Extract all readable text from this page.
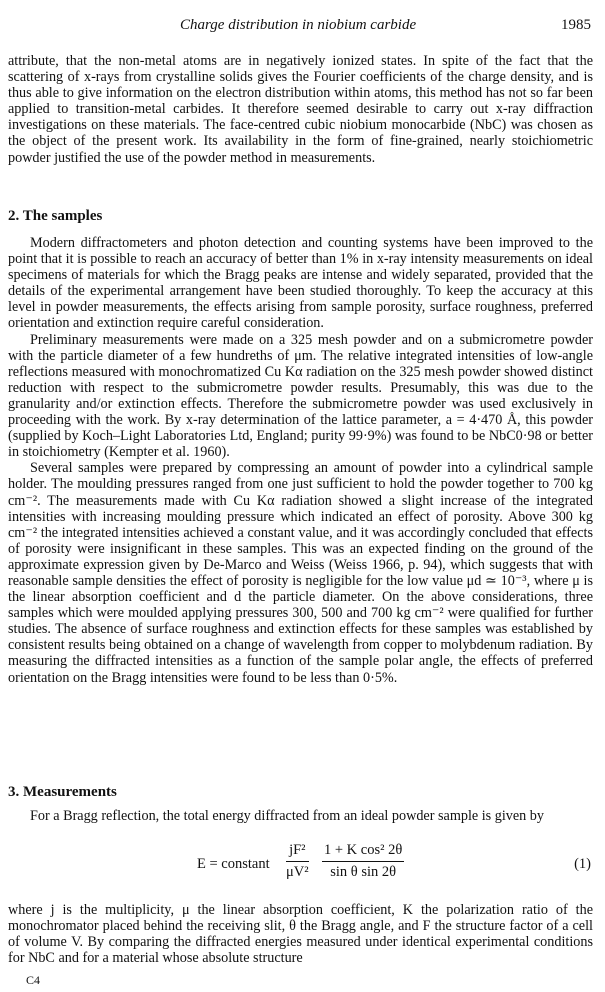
Charge distribution in niobium carbide	1985

attribute, that the non-metal atoms are in negatively ionized states. In spite of the fact that the scattering of x-rays from crystalline solids gives the Fourier coefficients of the charge density, and is thus able to give information on the electron distribution within atoms, this method has not so far been applied to transition-metal carbides. It therefore seemed desirable to carry out x-ray diffraction investigations on these materials. The face-centred cubic niobium monocarbide (NbC) was chosen as the object of the present work. Its availability in the form of fine-grained, nearly stoichiometric powder justified the use of the powder method in measurements.

2. The samples

Modern diffractometers and photon detection and counting systems have been improved to the point that it is possible to reach an accuracy of better than 1% in x-ray intensity measurements on ideal specimens of materials for which the Bragg peaks are intense and widely separated, provided that the details of the experimental arrangement have been studied thoroughly. To keep the accuracy at this level in powder measurements, the effects arising from sample porosity, surface roughness, preferred orientation and extinction require careful consideration.

Preliminary measurements were made on a 325 mesh powder and on a submicrometre powder with the particle diameter of a few hundreths of μm. The relative integrated intensities of low-angle reflections measured with monochromatized Cu Kα radiation on the 325 mesh powder showed distinct reduction with respect to the submicrometre powder results. Presumably, this was due to the granularity and/or extinction effects. Therefore the submicrometre powder was used exclusively in proceeding with the work. By x-ray determination of the lattice parameter, a = 4·470 Å, this powder (supplied by Koch–Light Laboratories Ltd, England; purity 99·9%) was found to be NbC0·98 or better in stoichiometry (Kempter et al. 1960).

Several samples were prepared by compressing an amount of powder into a cylindrical sample holder. The moulding pressures ranged from one just sufficient to hold the powder together to 700 kg cm⁻². The measurements made with Cu Kα radiation showed a slight increase of the integrated intensities with increasing moulding pressure which indicated an effect of porosity. Above 300 kg cm⁻² the integrated intensities achieved a constant value, and it was accordingly concluded that effects of porosity were insignificant in these samples. This was an expected finding on the ground of the approximate expression given by De-Marco and Weiss (Weiss 1966, p. 94), which suggests that with reasonable sample densities the effect of porosity is negligible for the low value μd ≃ 10⁻³, where μ is the linear absorption coefficient and d the particle diameter. On the above considerations, three samples which were moulded applying pressures 300, 500 and 700 kg cm⁻² were qualified for further studies. The absence of surface roughness and extinction effects for these samples was established by consistent results being obtained on a change of wavelength from copper to molybdenum radiation. By measuring the diffracted intensities as a function of the sample polar angle, the effects of preferred orientation on the Bragg intensities were found to be less than 0·5%.

3. Measurements

For a Bragg reflection, the total energy diffracted from an ideal powder sample is given by

E = constant $\frac{\text{jF²}}{\text{μV²}} \frac{\text{1 + K cos² 2θ}}{\text{sin θ sin 2θ}}$	(1)

where j is the multiplicity, μ the linear absorption coefficient, K the polarization ratio of the monochromator placed behind the receiving slit, θ the Bragg angle, and F the structure factor of a cell of volume V. By comparing the diffracted energies measured under identical experimental conditions for NbC and for a material whose absolute structure

C4
